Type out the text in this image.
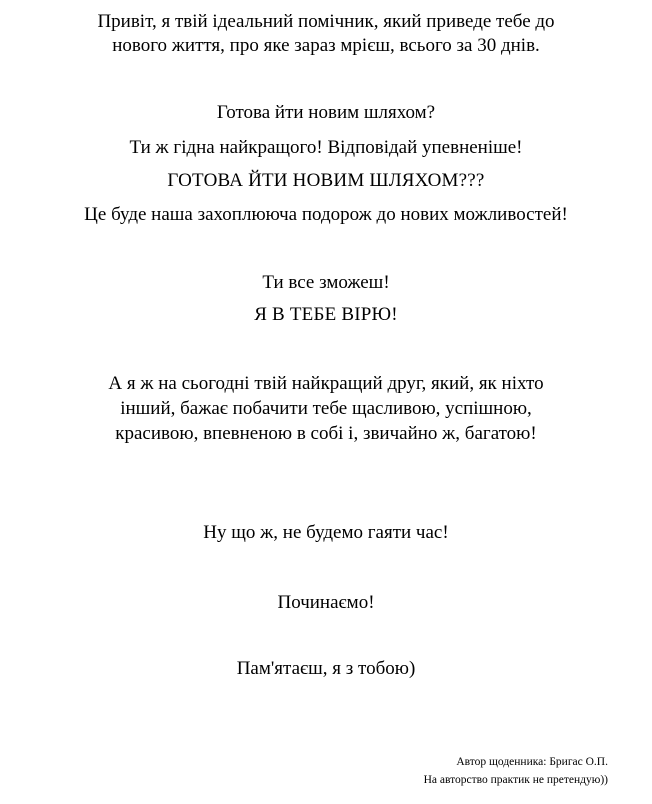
Привіт, я твій ідеальний помічник, який приведе тебе до
нового життя, про яке зараз мрієш, всього за 30 днів.
Готова йти новим шляхом?
Ти ж гідна найкращого! Відповідай упевненіше!
ГОТОВА ЙТИ НОВИМ ШЛЯХОМ???
Це буде наша захоплююча подорож до нових можливостей!
Ти все зможеш!
Я В ТЕБЕ ВІРЮ!
А я ж на сьогодні твій найкращий друг, який, як ніхто
інший, бажає побачити тебе щасливою, успішною,
красивою, впевненою в собі і, звичайно ж, багатою!
Ну що ж, не будемо гаяти час!
Починаємо!
Пам'ятаєш, я з тобою)
Автор щоденника: Бригас О.П.
На авторство практик не претендую))
